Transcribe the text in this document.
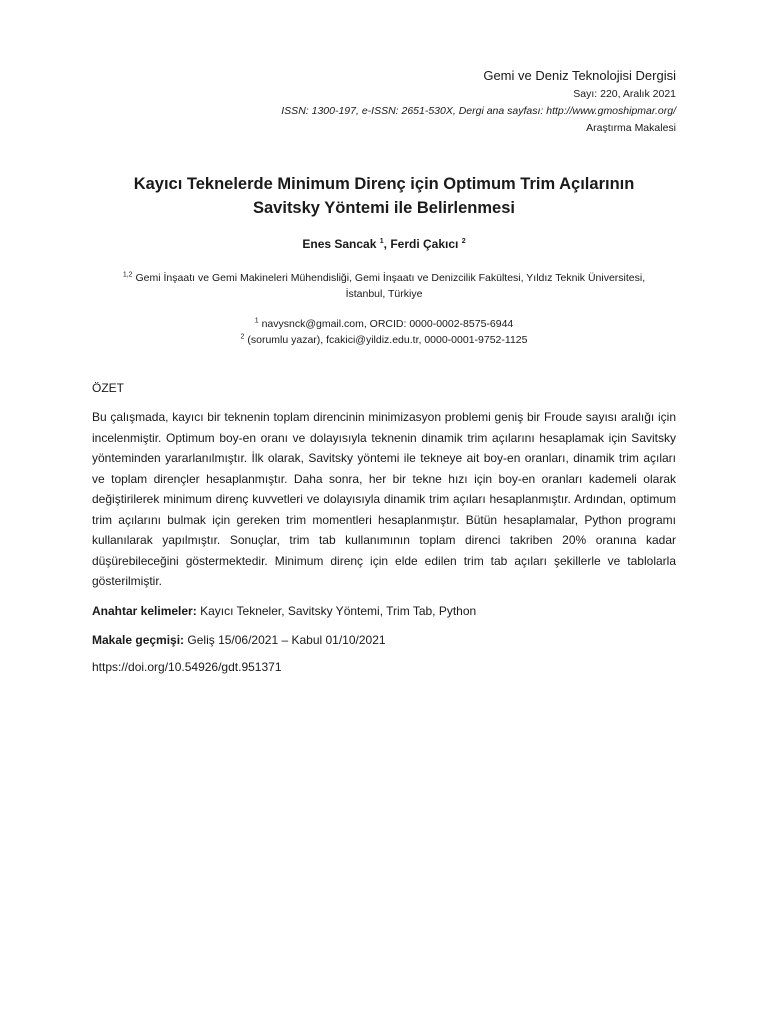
Gemi ve Deniz Teknolojisi Dergisi
Sayı: 220, Aralık 2021
ISSN: 1300-197, e-ISSN: 2651-530X, Dergi ana sayfası: http://www.gmoshipmar.org/
Araştırma Makalesi
Kayıcı Teknelerde Minimum Direnç için Optimum Trim Açılarının
Savitsky Yöntemi ile Belirlenmesi
Enes Sancak $^1$, Ferdi Çakıcı $^2$
$^{1,2}$ Gemi İnşaatı ve Gemi Makineleri Mühendisliği, Gemi İnşaatı ve Denizcilik Fakültesi, Yıldız Teknik Üniversitesi,
İstanbul, Türkiye
$^1$ navysnck@gmail.com, ORCID: 0000-0002-8575-6944
$^2$ (sorumlu yazar), fcakici@yildiz.edu.tr, 0000-0001-9752-1125
ÖZET

Bu çalışmada, kayıcı bir teknenin toplam direncinin minimizasyon problemi geniş bir Froude sayısı aralığı için incelenmiştir. Optimum boy-en oranı ve dolayısıyla teknenin dinamik trim açılarını hesaplamak için Savitsky yönteminden yararlanılmıştır. İlk olarak, Savitsky yöntemi ile tekneye ait boy-en oranları, dinamik trim açıları ve toplam dirençler hesaplanmıştır. Daha sonra, her bir tekne hızı için boy-en oranları kademeli olarak değiştirilerek minimum direnç kuvvetleri ve dolayısıyla dinamik trim açıları hesaplanmıştır. Ardından, optimum trim açılarını bulmak için gereken trim momentleri hesaplanmıştır. Bütün hesaplamalar, Python programı kullanılarak yapılmıştır. Sonuçlar, trim tab kullanımının toplam direnci takriben 20% oranına kadar düşürebileceğini göstermektedir. Minimum direnç için elde edilen trim tab açıları şekillerle ve tablolarla gösterilmiştir.

Anahtar kelimeler: Kayıcı Tekneler, Savitsky Yöntemi, Trim Tab, Python
Makale geçmişi: Geliş 15/06/2021 – Kabul 01/10/2021
https://doi.org/10.54926/gdt.951371
